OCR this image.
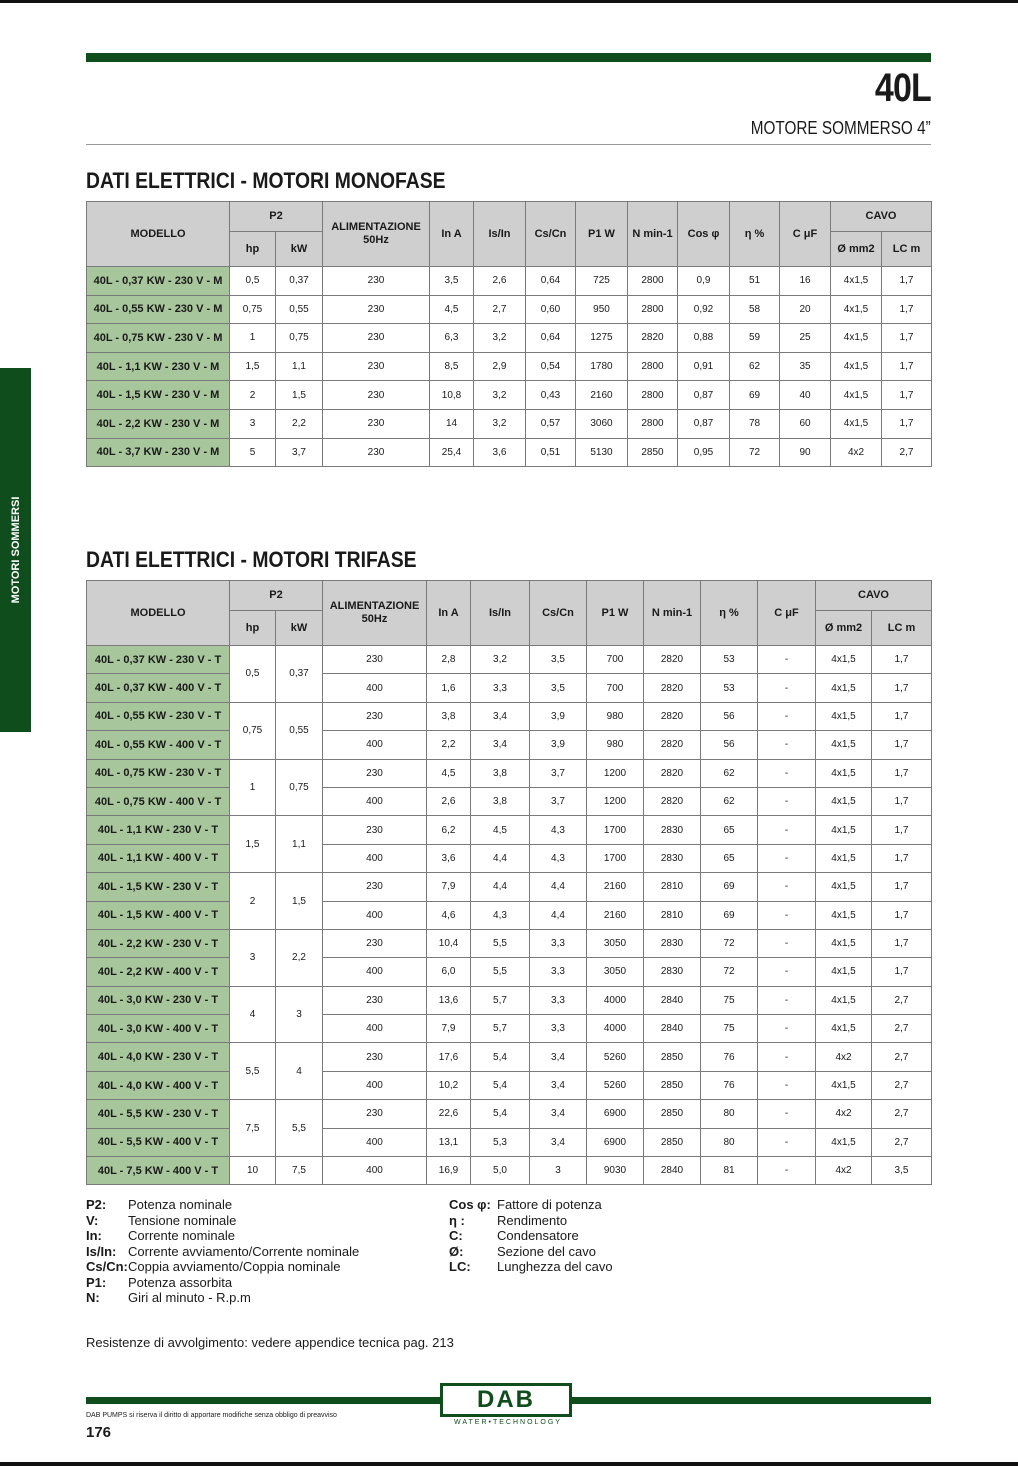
40L
MOTORE SOMMERSO 4”
MOTORI SOMMERSI
DATI ELETTRICI - MOTORI MONOFASE
MODELLO	P2		ALIMENTAZIONE 50Hz	In A	Is/In	Cs/Cn	P1 W	N min-1	Cos φ	η %	C μF	CAVO	
	hp	kW										Ø mm2	LC m
40L - 0,37 KW - 230 V - M	0,5	0,37	230	3,5	2,6	0,64	725	2800	0,9	51	16	4x1,5	1,7
40L - 0,55 KW - 230 V - M	0,75	0,55	230	4,5	2,7	0,60	950	2800	0,92	58	20	4x1,5	1,7
40L - 0,75 KW - 230 V - M	1	0,75	230	6,3	3,2	0,64	1275	2820	0,88	59	25	4x1,5	1,7
40L - 1,1 KW - 230 V - M	1,5	1,1	230	8,5	2,9	0,54	1780	2800	0,91	62	35	4x1,5	1,7
40L - 1,5 KW - 230 V - M	2	1,5	230	10,8	3,2	0,43	2160	2800	0,87	69	40	4x1,5	1,7
40L - 2,2 KW - 230 V - M	3	2,2	230	14	3,2	0,57	3060	2800	0,87	78	60	4x1,5	1,7
40L - 3,7 KW - 230 V - M	5	3,7	230	25,4	3,6	0,51	5130	2850	0,95	72	90	4x2	2,7
DATI ELETTRICI - MOTORI TRIFASE
MODELLO	P2		ALIMENTAZIONE 50Hz	In A	Is/In	Cs/Cn	P1 W	N min-1	η %	C μF	CAVO	
	hp	kW									Ø mm2	LC m
40L - 0,37 KW - 230 V - T	0,5	0,37	230	2,8	3,2	3,5	700	2820	53	-	4x1,5	1,7
40L - 0,37 KW - 400 V - T			400	1,6	3,3	3,5	700	2820	53	-	4x1,5	1,7
40L - 0,55 KW - 230 V - T	0,75	0,55	230	3,8	3,4	3,9	980	2820	56	-	4x1,5	1,7
40L - 0,55 KW - 400 V - T			400	2,2	3,4	3,9	980	2820	56	-	4x1,5	1,7
40L - 0,75 KW - 230 V - T	1	0,75	230	4,5	3,8	3,7	1200	2820	62	-	4x1,5	1,7
40L - 0,75 KW - 400 V - T			400	2,6	3,8	3,7	1200	2820	62	-	4x1,5	1,7
40L - 1,1 KW - 230 V - T	1,5	1,1	230	6,2	4,5	4,3	1700	2830	65	-	4x1,5	1,7
40L - 1,1 KW - 400 V - T			400	3,6	4,4	4,3	1700	2830	65	-	4x1,5	1,7
40L - 1,5 KW - 230 V - T	2	1,5	230	7,9	4,4	4,4	2160	2810	69	-	4x1,5	1,7
40L - 1,5 KW - 400 V - T			400	4,6	4,3	4,4	2160	2810	69	-	4x1,5	1,7
40L - 2,2 KW - 230 V - T	3	2,2	230	10,4	5,5	3,3	3050	2830	72	-	4x1,5	1,7
40L - 2,2 KW - 400 V - T			400	6,0	5,5	3,3	3050	2830	72	-	4x1,5	1,7
40L - 3,0 KW - 230 V - T	4	3	230	13,6	5,7	3,3	4000	2840	75	-	4x1,5	2,7
40L - 3,0 KW - 400 V - T			400	7,9	5,7	3,3	4000	2840	75	-	4x1,5	2,7
40L - 4,0 KW - 230 V - T	5,5	4	230	17,6	5,4	3,4	5260	2850	76	-	4x2	2,7
40L - 4,0 KW - 400 V - T			400	10,2	5,4	3,4	5260	2850	76	-	4x1,5	2,7
40L - 5,5 KW - 230 V - T	7,5	5,5	230	22,6	5,4	3,4	6900	2850	80	-	4x2	2,7
40L - 5,5 KW - 400 V - T			400	13,1	5,3	3,4	6900	2850	80	-	4x1,5	2,7
40L - 7,5 KW - 400 V - T	10	7,5	400	16,9	5,0	3	9030	2840	81	-	4x2	3,5
P2: Potenza nominale
V: Tensione nominale
In: Corrente nominale
Is/In: Corrente avviamento/Corrente nominale
Cs/Cn:Coppia avviamento/Coppia nominale
P1: Potenza assorbita
N: Giri al minuto - R.p.m
Cos φ: Fattore di potenza
η : Rendimento
C:	Condensatore
Ø:	Sezione del cavo
LC: Lunghezza del cavo
Resistenze di avvolgimento: vedere appendice tecnica pag. 213
DAB
WATER•TECHNOLOGY
DAB PUMPS si riserva il diritto di apportare modifiche senza obbligo di preavviso
176
